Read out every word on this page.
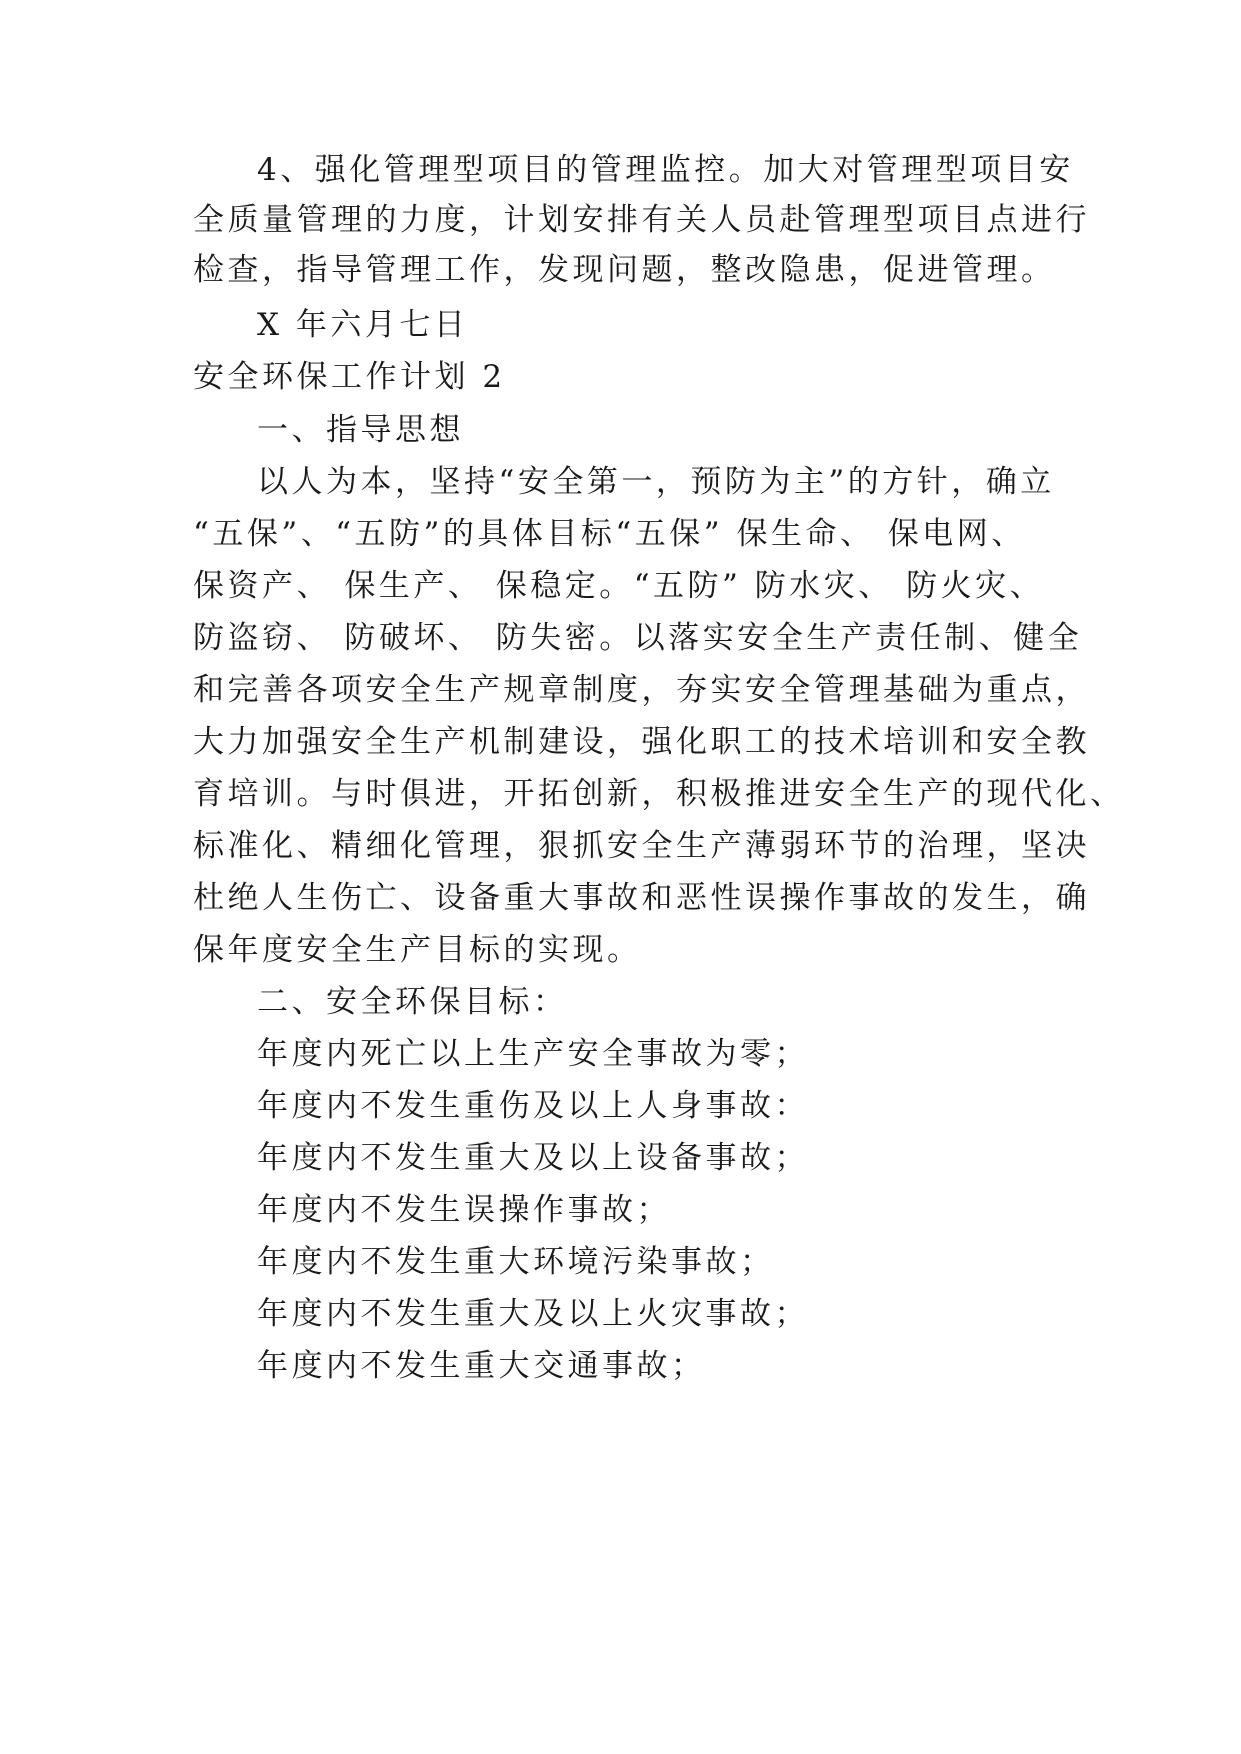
4、强化管理型项目的管理监控。加大对管理型项目安
全质量管理的力度，计划安排有关人员赴管理型项目点进行
检查，指导管理工作，发现问题，整改隐患，促进管理。
X 年六月七日
安全环保工作计划 2
一、指导思想
以人为本，坚持“安全第一，预防为主”的方针，确立
“五保”、“五防”的具体目标“五保” 保生命、 保电网、
保资产、 保生产、 保稳定。“五防” 防水灾、 防火灾、
防盗窃、 防破坏、 防失密。以落实安全生产责任制、健全
和完善各项安全生产规章制度，夯实安全管理基础为重点，
大力加强安全生产机制建设，强化职工的技术培训和安全教
育培训。与时俱进，开拓创新，积极推进安全生产的现代化、
标准化、精细化管理，狠抓安全生产薄弱环节的治理，坚决
杜绝人生伤亡、设备重大事故和恶性误操作事故的发生，确
保年度安全生产目标的实现。
二、安全环保目标：
年度内死亡以上生产安全事故为零；
年度内不发生重伤及以上人身事故：
年度内不发生重大及以上设备事故；
年度内不发生误操作事故；
年度内不发生重大环境污染事故；
年度内不发生重大及以上火灾事故；
年度内不发生重大交通事故；
